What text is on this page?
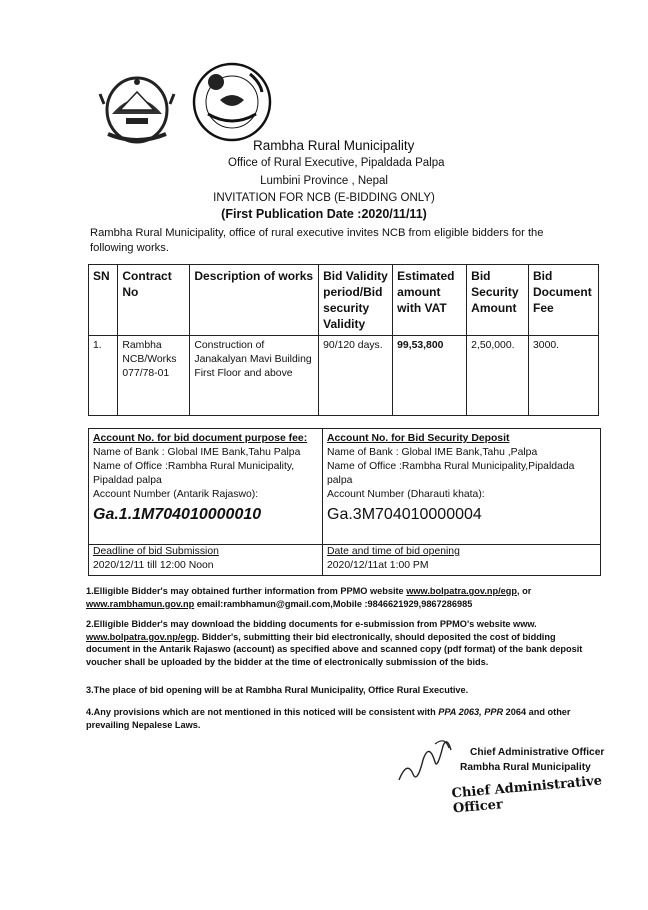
Rambha Rural Municipality
Office of Rural Executive, Pipaldada Palpa
Lumbini Province , Nepal
INVITATION FOR NCB (E-BIDDING ONLY)
(First Publication Date :2020/11/11)
Rambha Rural Municipality, office of rural executive invites NCB from eligible bidders for the following works.
SN	Contract No	Description of works	Bid Validity period/Bid security Validity	Estimated amount with VAT	Bid Security Amount	Bid Document Fee
1.	Rambha NCB/Works 077/78-01	Construction of Janakalyan Mavi Building First Floor and above	90/120 days.	99,53,800	2,50,000.	3000.
Account No. for bid document purpose fee:
Name of Bank : Global IME Bank,Tahu Palpa
Name of Office :Rambha Rural Municipality, Pipaldad palpa
Account Number (Antarik Rajaswo):
Ga.1.1M704010000010
Account No. for Bid Security Deposit
Name of Bank : Global IME Bank,Tahu ,Palpa
Name of Office :Rambha Rural Municipality,Pipaldada palpa
Account Number (Dharauti khata):
Ga.3M704010000004
Deadline of bid Submission
2020/12/11 till 12:00 Noon
Date and time of bid opening
2020/12/11at 1:00 PM
1.Elligible Bidder's may obtained further information from PPMO website www.bolpatra.gov.np/egp, or
www.rambhamun.gov.np email:rambhamun@gmail.com,Mobile :9846621929,9867286985
2.Elligible Bidder's may download the bidding documents for e-submission from PPMO's website www.
www.bolpatra.gov.np/egp. Bidder's, submitting their bid electronically, should deposited the cost of bidding document in the Antarik Rajaswo (account) as specified above and scanned copy (pdf format) of the bank deposit voucher shall be uploaded by the bidder at the time of electronically submission of the bids.
3.The place of bid opening will be at Rambha Rural Municipality, Office Rural Executive.
4.Any provisions which are not mentioned in this noticed will be consistent with PPA 2063, PPR 2064 and other prevailing Nepalese Laws.
Chief Administrative Officer
Rambha Rural Municipality
Chief Administrative Officer
